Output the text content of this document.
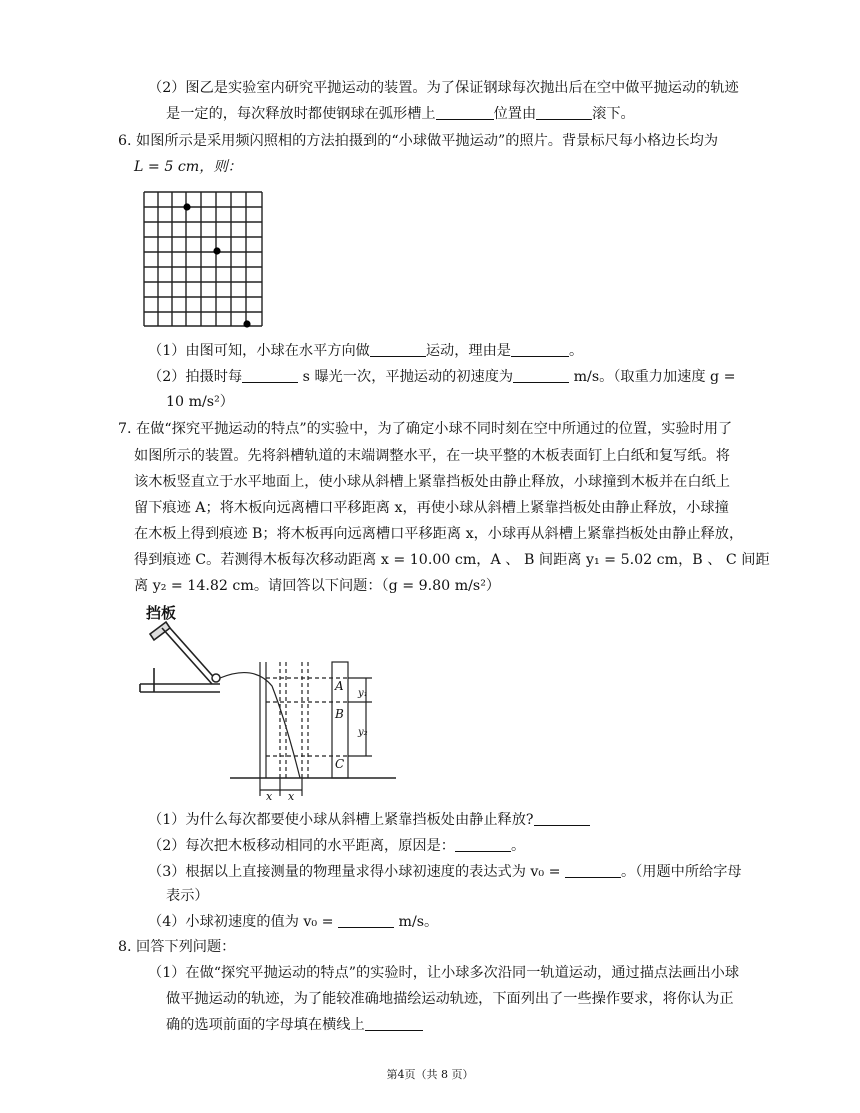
（2）图乙是实验室内研究平抛运动的装置。为了保证钢球每次抛出后在空中做平抛运动的轨迹
是一定的，每次释放时都使钢球在弧形槽上	位置由	滚下。
6. 如图所示是采用频闪照相的方法拍摄到的“小球做平抛运动”的照片。背景标尺每小格边长均为
L = 5 cm，则：
（1）由图可知，小球在水平方向做	运动，理由是	。
（2）拍摄时每	s 曝光一次，平抛运动的初速度为	m/s。（取重力加速度 g =
10 m/s²）
7. 在做“探究平抛运动的特点”的实验中，为了确定小球不同时刻在空中所通过的位置，实验时用了
如图所示的装置。先将斜槽轨道的末端调整水平，在一块平整的木板表面钉上白纸和复写纸。将
该木板竖直立于水平地面上，使小球从斜槽上紧靠挡板处由静止释放，小球撞到木板并在白纸上
留下痕迹 A；将木板向远离槽口平移距离 x，再使小球从斜槽上紧靠挡板处由静止释放，小球撞
在木板上得到痕迹 B；将木板再向远离槽口平移距离 x，小球再从斜槽上紧靠挡板处由静止释放，
得到痕迹 C。若测得木板每次移动距离 x = 10.00 cm，A 、 B 间距离 y₁ = 5.02 cm，B 、 C 间距
离 y₂ = 14.82 cm。请回答以下问题：（g = 9.80 m/s²）
挡板
A
B
C
y₁
y₂
x x
（1）为什么每次都要使小球从斜槽上紧靠挡板处由静止释放?
（2）每次把木板移动相同的水平距离，原因是：	。
（3）根据以上直接测量的物理量求得小球初速度的表达式为 v₀ =	。（用题中所给字母
表示）
（4）小球初速度的值为 v₀ =	m/s。
8. 回答下列问题：
（1）在做“探究平抛运动的特点”的实验时，让小球多次沿同一轨道运动，通过描点法画出小球
做平抛运动的轨迹，为了能较准确地描绘运动轨迹，下面列出了一些操作要求，将你认为正
确的选项前面的字母填在横线上
第4页（共 8 页）
